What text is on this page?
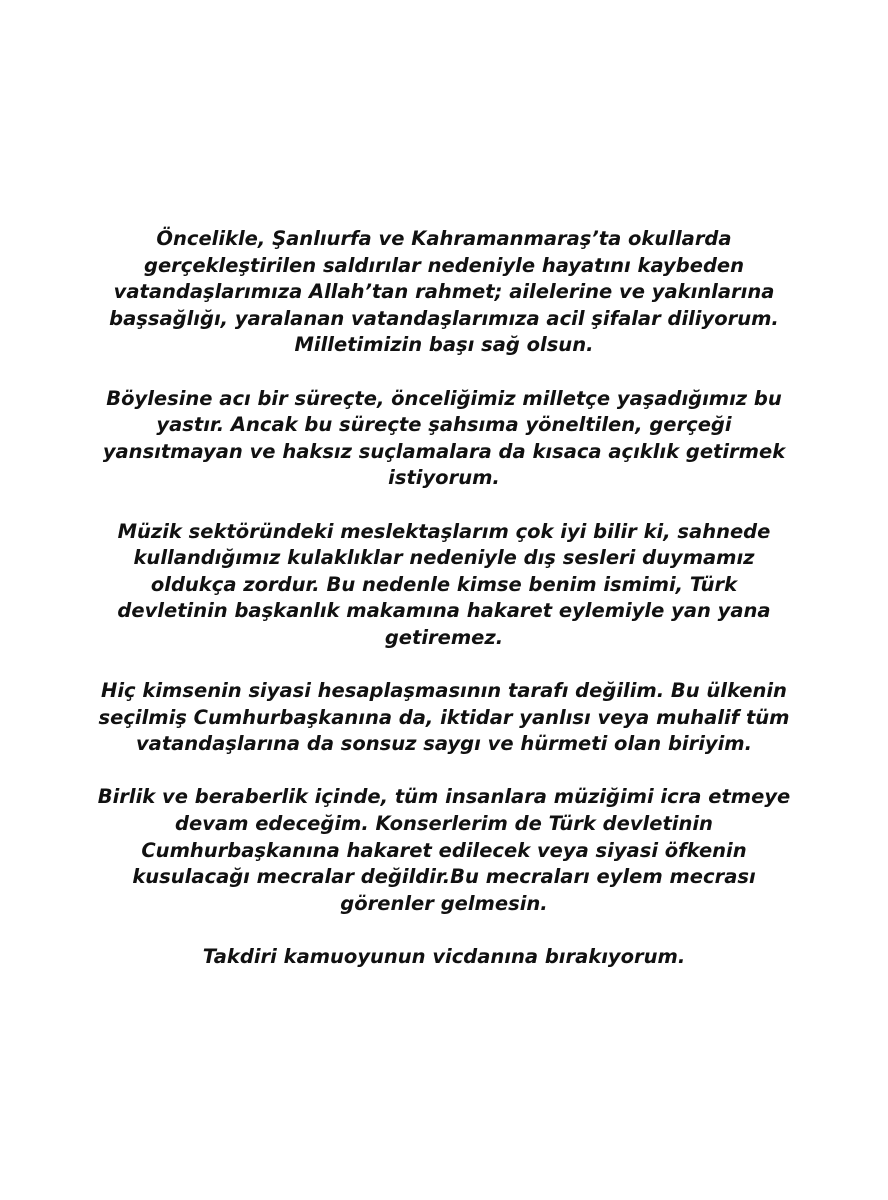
Öncelikle, Şanlıurfa ve Kahramanmaraş’ta okullarda
gerçekleştirilen saldırılar nedeniyle hayatını kaybeden
vatandaşlarımıza Allah’tan rahmet; ailelerine ve yakınlarına
başsağlığı, yaralanan vatandaşlarımıza acil şifalar diliyorum.
Milletimizin başı sağ olsun.

Böylesine acı bir süreçte, önceliğimiz milletçe yaşadığımız bu
yastır. Ancak bu süreçte şahsıma yöneltilen, gerçeği
yansıtmayan ve haksız suçlamalara da kısaca açıklık getirmek
istiyorum.

Müzik sektöründeki meslektaşlarım çok iyi bilir ki, sahnede
kullandığımız kulaklıklar nedeniyle dış sesleri duymamız
oldukça zordur. Bu nedenle kimse benim ismimi, Türk
devletinin başkanlık makamına hakaret eylemiyle yan yana
getiremez.

Hiç kimsenin siyasi hesaplaşmasının tarafı değilim. Bu ülkenin
seçilmiş Cumhurbaşkanına da, iktidar yanlısı veya muhalif tüm
vatandaşlarına da sonsuz saygı ve hürmeti olan biriyim.

Birlik ve beraberlik içinde, tüm insanlara müziğimi icra etmeye
devam edeceğim. Konserlerim de Türk devletinin
Cumhurbaşkanına hakaret edilecek veya siyasi öfkenin
kusulacağı mecralar değildir.Bu mecraları eylem mecrası
görenler gelmesin.

Takdiri kamuoyunun vicdanına bırakıyorum.
